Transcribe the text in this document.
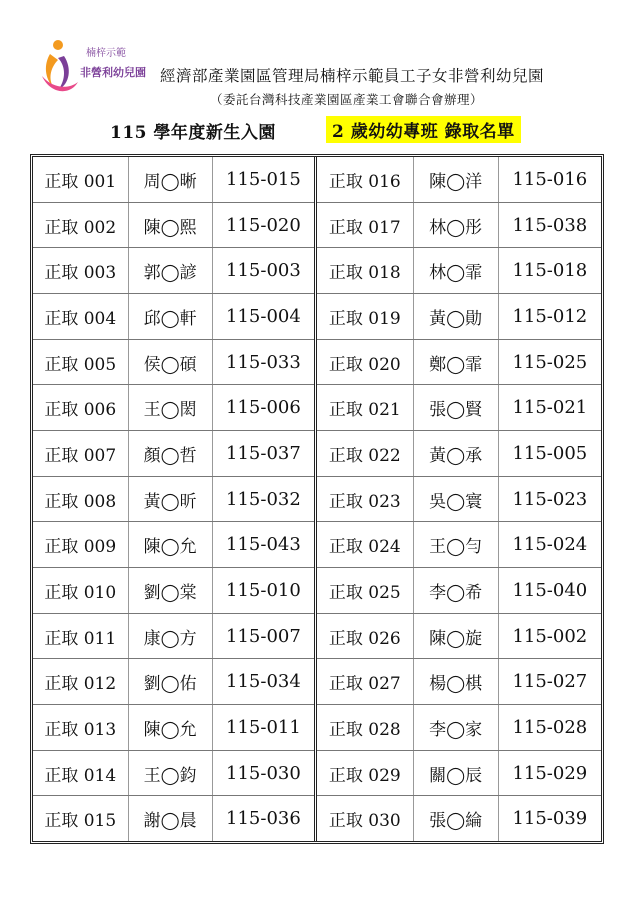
楠梓示範
非營利幼兒園 經濟部產業園區管理局楠梓示範員工子女非營利幼兒園
（委託台灣科技產業園區產業工會聯合會辦理）
115 學年度新生入園	2 歲幼幼專班 錄取名單
正取 001	周◯晰	115-015
正取 002	陳◯熙	115-020
正取 003	郭◯諺	115-003
正取 004	邱◯軒	115-004
正取 005	侯◯碩	115-033
正取 006	王◯閎	115-006
正取 007	顏◯哲	115-037
正取 008	黃◯昕	115-032
正取 009	陳◯允	115-043
正取 010	劉◯棠	115-010
正取 011	康◯方	115-007
正取 012	劉◯佑	115-034
正取 013	陳◯允	115-011
正取 014	王◯鈞	115-030
正取 015	謝◯晨	115-036
正取 016	陳◯洋	115-016
正取 017	林◯彤	115-038
正取 018	林◯霏	115-018
正取 019	黃◯勛	115-012
正取 020	鄭◯霏	115-025
正取 021	張◯賢	115-021
正取 022	黃◯承	115-005
正取 023	吳◯寰	115-023
正取 024	王◯勻	115-024
正取 025	李◯希	115-040
正取 026	陳◯旋	115-002
正取 027	楊◯棋	115-027
正取 028	李◯家	115-028
正取 029	關◯辰	115-029
正取 030	張◯綸	115-039
